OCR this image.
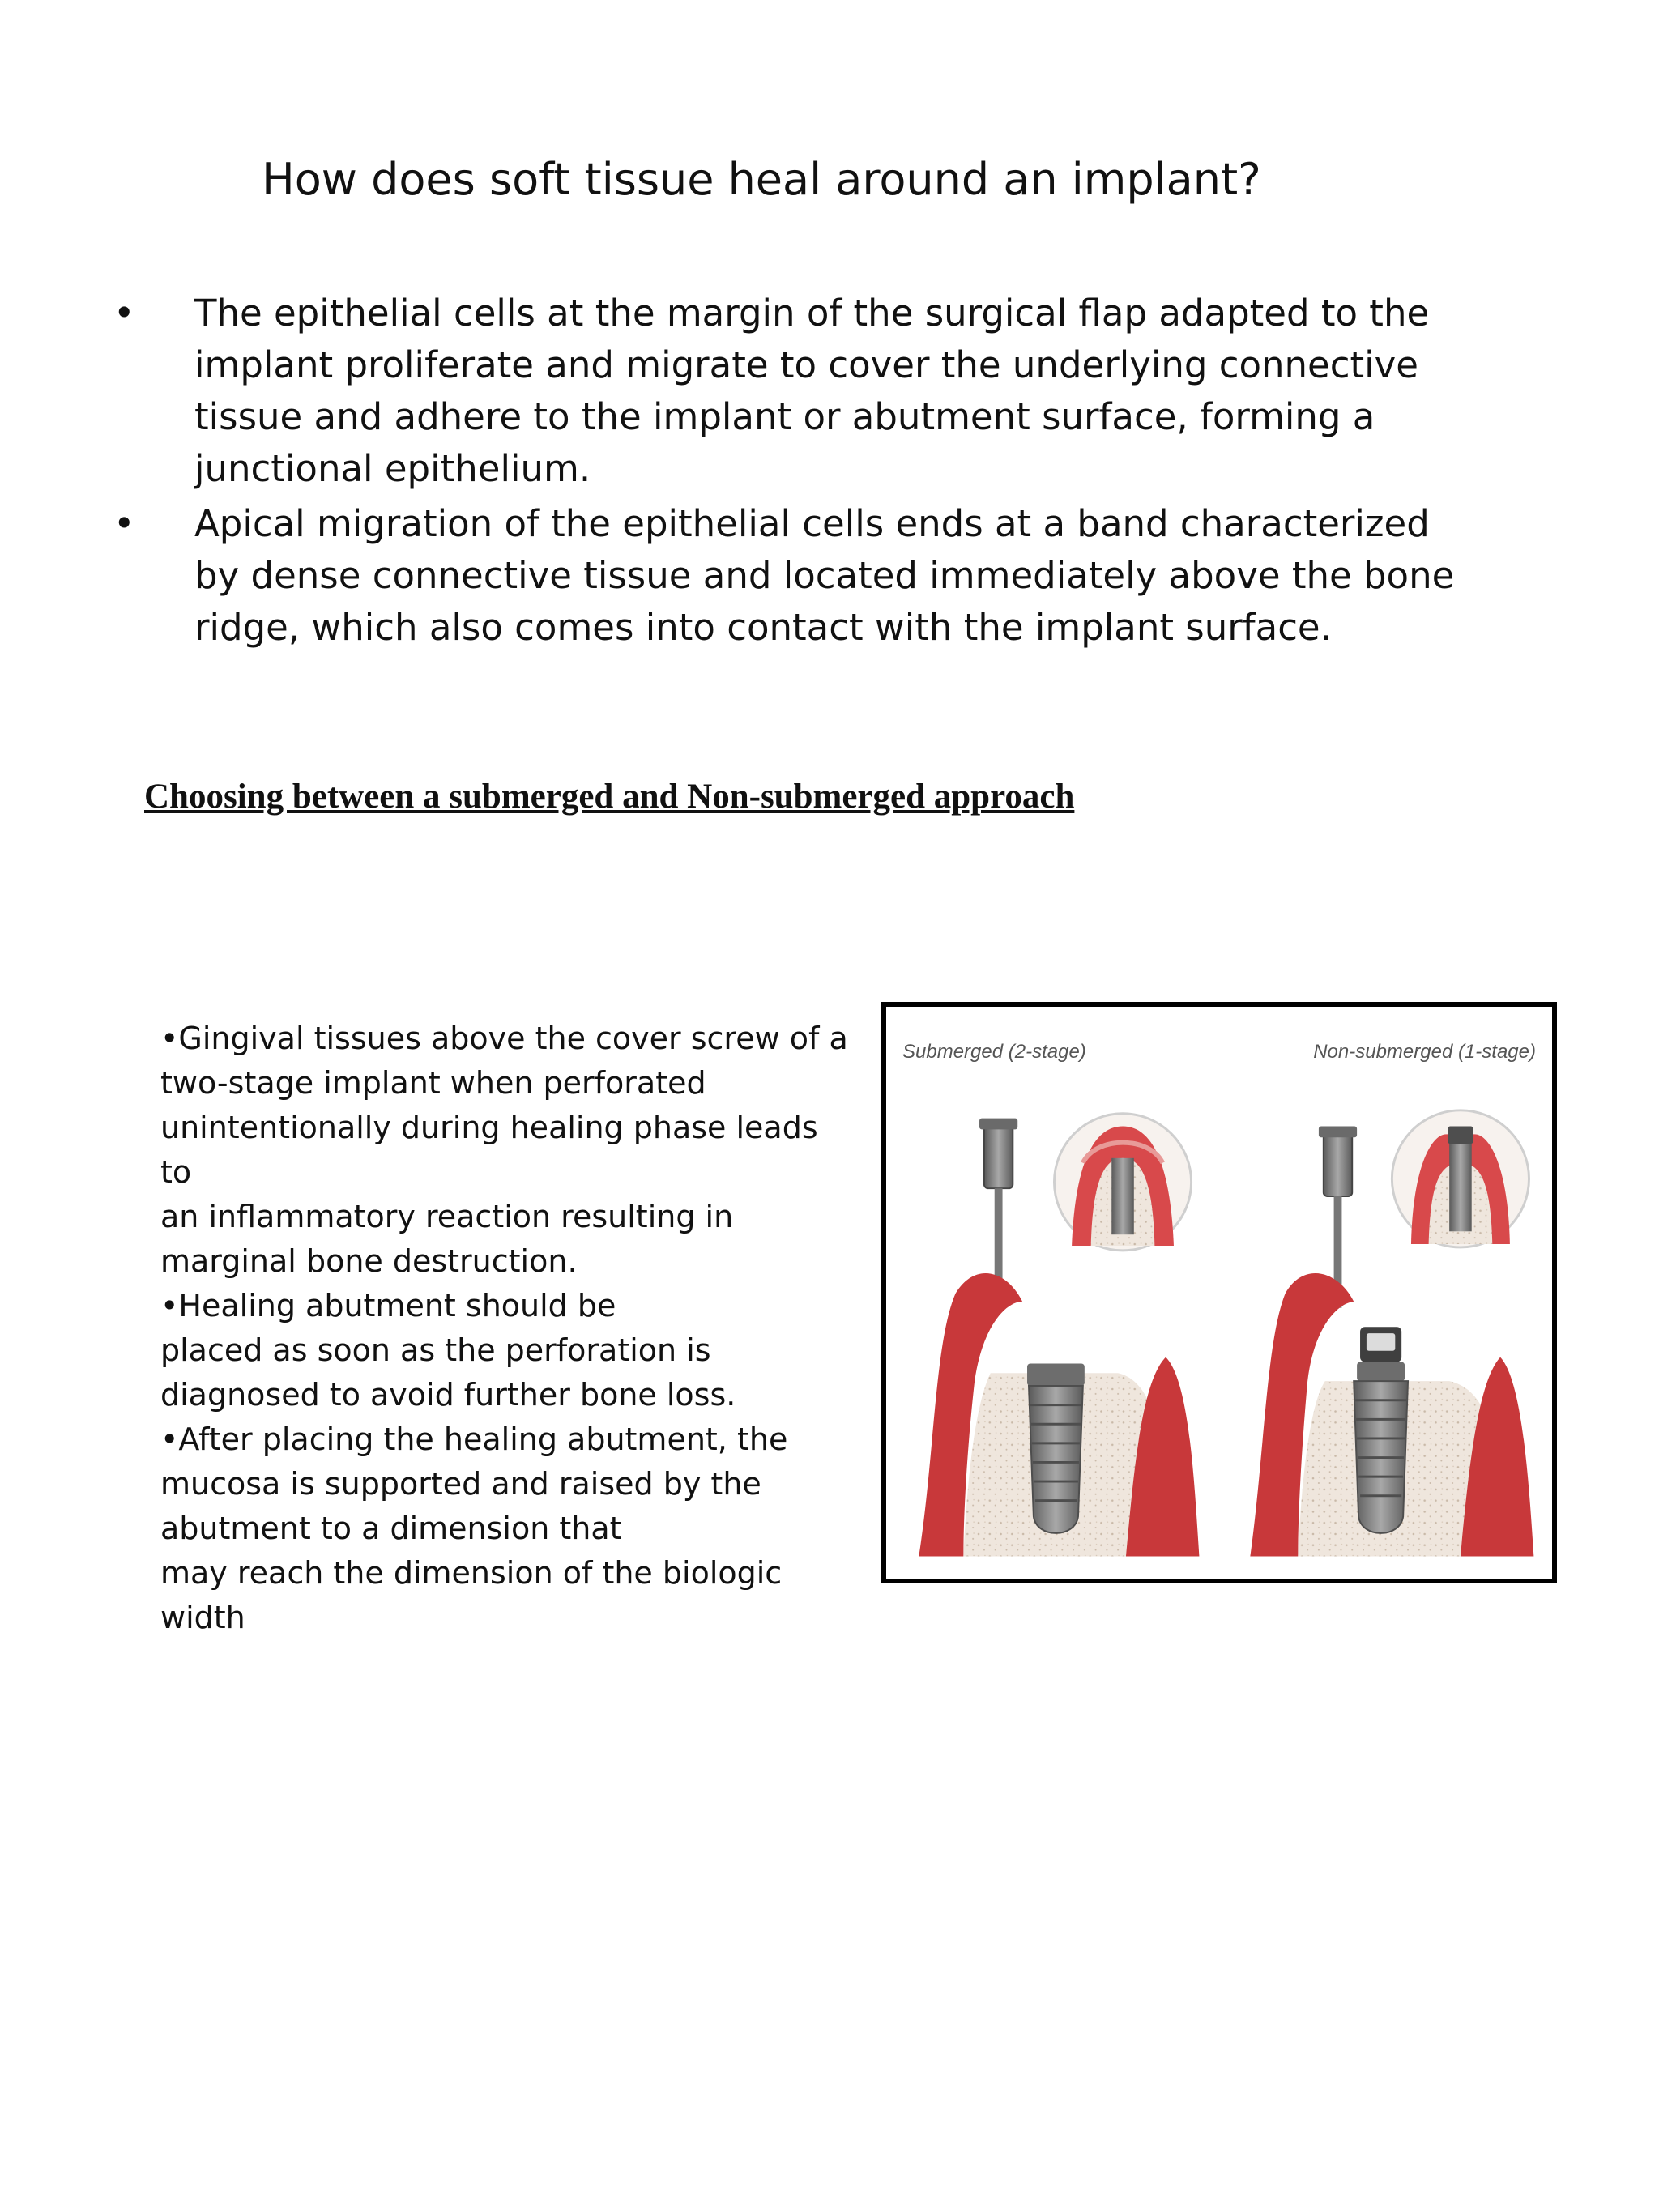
How does soft tissue heal around an implant?
• The epithelial cells at the margin of the surgical flap adapted to the implant proliferate and migrate to cover the underlying connective tissue and adhere to the implant or abutment surface, forming a junctional epithelium.
• Apical migration of the epithelial cells ends at a band characterized by dense connective tissue and located immediately above the bone ridge, which also comes into contact with the implant surface.
Choosing between a submerged and Non-submerged approach

•Gingival tissues above the cover screw of a

two-stage implant when perforated

unintentionally during healing phase leads to

an inflammatory reaction resulting in

marginal bone destruction.

•Healing abutment should be

placed as soon as the perforation is

diagnosed to avoid further bone loss.

•After placing the healing abutment, the

mucosa is supported and raised by the

abutment to a dimension that

may reach the dimension of the biologic

width

Submerged (2-stage)	Non-submerged (1-stage)
